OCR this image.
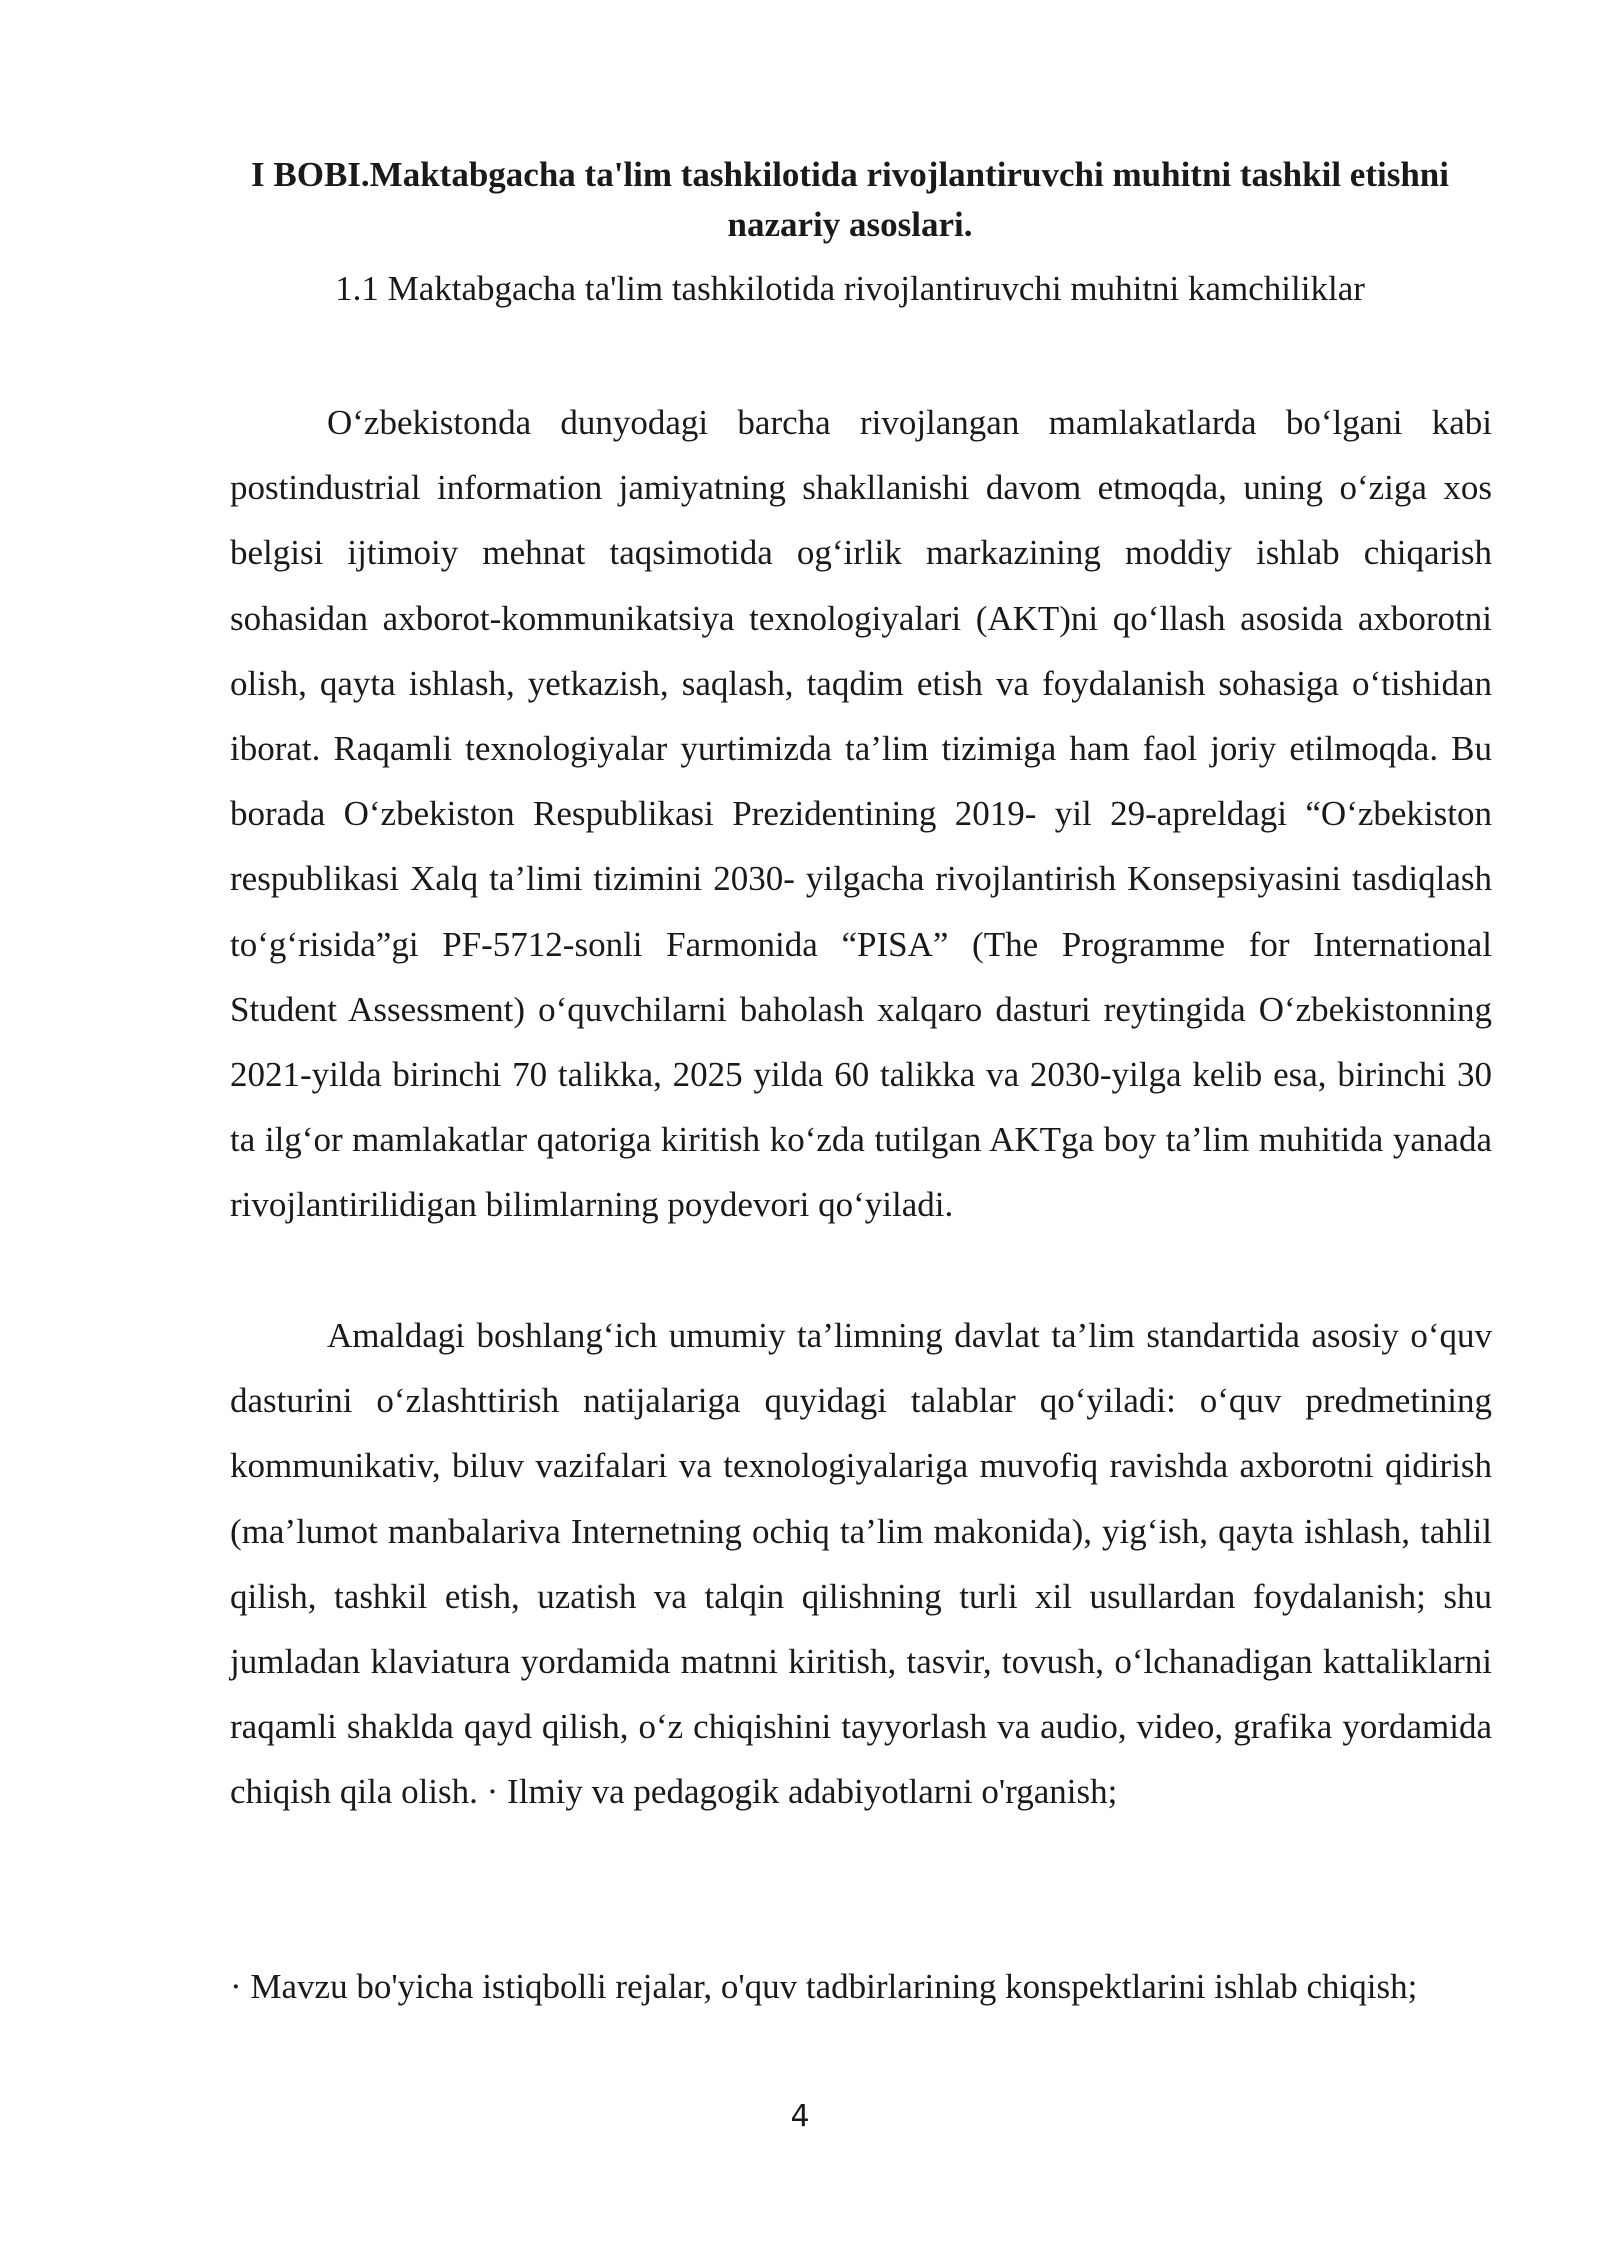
I BOBI.Maktabgacha ta'lim tashkilotida rivojlantiruvchi muhitni tashkil etishni nazariy asoslari.
1.1 Maktabgacha ta'lim tashkilotida rivojlantiruvchi muhitni kamchiliklar

O‘zbekistonda dunyodagi barcha rivojlangan mamlakatlarda bo‘lgani kabi postindustrial information jamiyatning shakllanishi davom etmoqda, uning o‘ziga xos belgisi ijtimoiy mehnat taqsimotida og‘irlik markazining moddiy ishlab chiqarish sohasidan axborot-kommunikatsiya texnologiyalari (AKT)ni qo‘llash asosida axborotni olish, qayta ishlash, yetkazish, saqlash, taqdim etish va foydalanish sohasiga o‘tishidan iborat. Raqamli texnologiyalar yurtimizda ta’lim tizimiga ham faol joriy etilmoqda. Bu borada O‘zbekiston Respublikasi Prezidentining 2019- yil 29-apreldagi “O‘zbekiston respublikasi Xalq ta’limi tizimini 2030- yilgacha rivojlantirish Konsepsiyasini tasdiqlash to‘g‘risida”gi PF-5712-sonli Farmonida “PISA” (The Programme for International Student Assessment) o‘quvchilarni baholash xalqaro dasturi reytingida O‘zbekistonning 2021-yilda birinchi 70 talikka, 2025 yilda 60 talikka va 2030-yilga kelib esa, birinchi 30 ta ilg‘or mamlakatlar qatoriga kiritish ko‘zda tutilgan AKTga boy ta’lim muhitida yanada rivojlantirilidigan bilimlarning poydevori qo‘yiladi.

Amaldagi boshlang‘ich umumiy ta’limning davlat ta’lim standartida asosiy o‘quv dasturini o‘zlashttirish natijalariga quyidagi talablar qo‘yiladi: o‘quv predmetining kommunikativ, biluv vazifalari va texnologiyalariga muvofiq ravishda axborotni qidirish (ma’lumot manbalariva Internetning ochiq ta’lim makonida), yig‘ish, qayta ishlash, tahlil qilish, tashkil etish, uzatish va talqin qilishning turli xil usullardan foydalanish; shu jumladan klaviatura yordamida matnni kiritish, tasvir, tovush, o‘lchanadigan kattaliklarni raqamli shaklda qayd qilish, o‘z chiqishini tayyorlash va audio, video, grafika yordamida chiqish qila olish. · Ilmiy va pedagogik adabiyotlarni o'rganish;

· Mavzu bo'yicha istiqbolli rejalar, o'quv tadbirlarining konspektlarini ishlab chiqish;

4
